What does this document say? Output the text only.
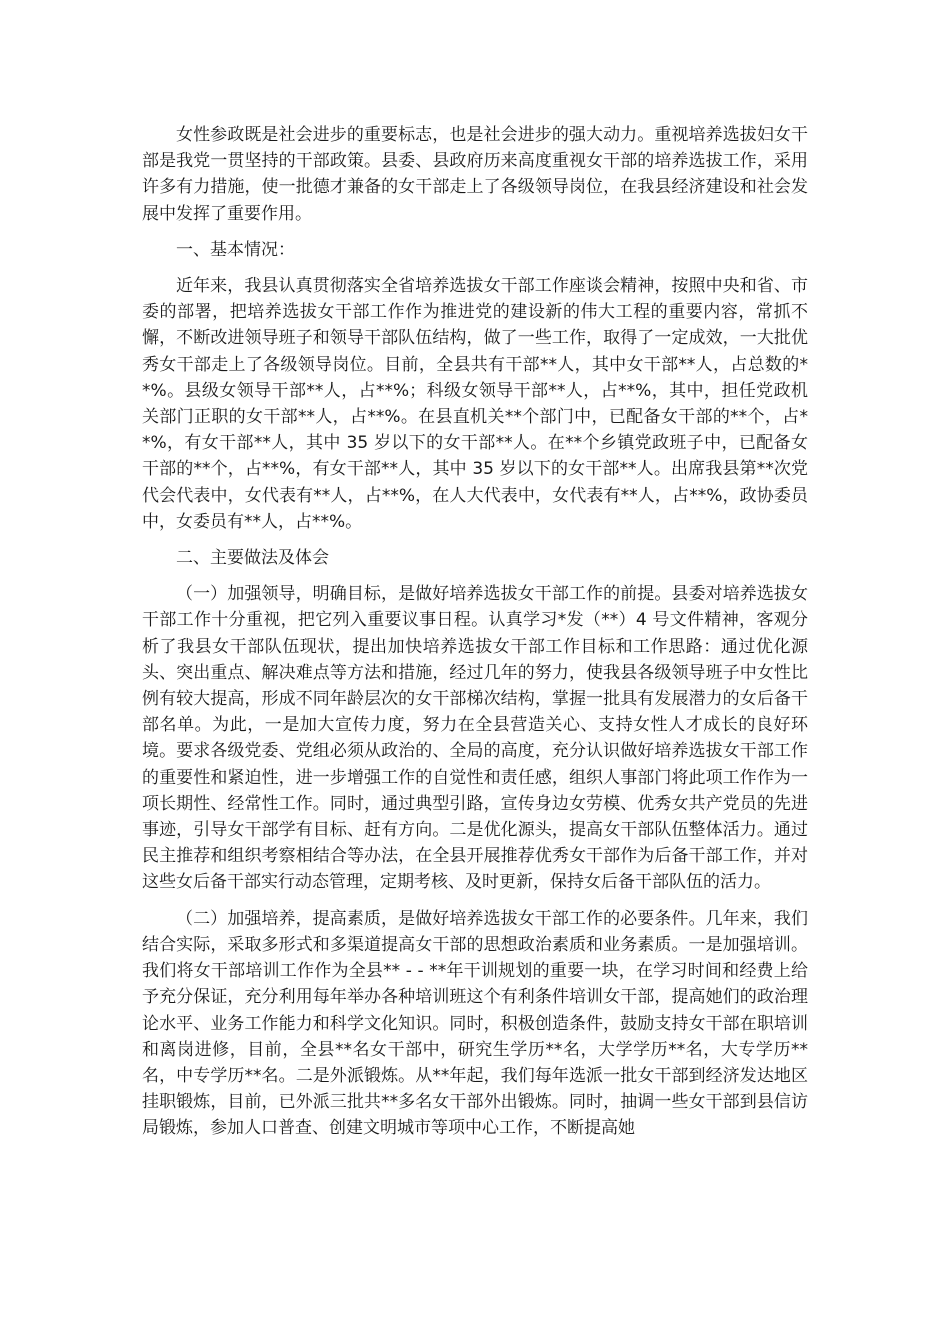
女性参政既是社会进步的重要标志，也是社会进步的强大动力。重视培养选拔妇女干部是我党一贯坚持的干部政策。县委、县政府历来高度重视女干部的培养选拔工作，采用许多有力措施，使一批德才兼备的女干部走上了各级领导岗位，在我县经济建设和社会发展中发挥了重要作用。

一、基本情况：

近年来，我县认真贯彻落实全省培养选拔女干部工作座谈会精神，按照中央和省、市委的部署，把培养选拔女干部工作作为推进党的建设新的伟大工程的重要内容，常抓不懈，不断改进领导班子和领导干部队伍结构，做了一些工作，取得了一定成效，一大批优秀女干部走上了各级领导岗位。目前，全县共有干部**人，其中女干部**人，占总数的**%。县级女领导干部**人，占**%；科级女领导干部**人，占**%，其中，担任党政机关部门正职的女干部**人，占**%。在县直机关**个部门中，已配备女干部的**个，占**%，有女干部**人，其中 35 岁以下的女干部**人。在**个乡镇党政班子中，已配备女干部的**个，占**%，有女干部**人，其中 35 岁以下的女干部**人。出席我县第**次党代会代表中，女代表有**人，占**%，在人大代表中，女代表有**人，占**%，政协委员中，女委员有**人，占**%。

二、主要做法及体会

（一）加强领导，明确目标，是做好培养选拔女干部工作的前提。县委对培养选拔女干部工作十分重视，把它列入重要议事日程。认真学习*发（**）4 号文件精神，客观分析了我县女干部队伍现状，提出加快培养选拔女干部工作目标和工作思路：通过优化源头、突出重点、解决难点等方法和措施，经过几年的努力，使我县各级领导班子中女性比例有较大提高，形成不同年龄层次的女干部梯次结构，掌握一批具有发展潜力的女后备干部名单。为此，一是加大宣传力度，努力在全县营造关心、支持女性人才成长的良好环境。要求各级党委、党组必须从政治的、全局的高度，充分认识做好培养选拔女干部工作的重要性和紧迫性，进一步增强工作的自觉性和责任感，组织人事部门将此项工作作为一项长期性、经常性工作。同时，通过典型引路，宣传身边女劳模、优秀女共产党员的先进事迹，引导女干部学有目标、赶有方向。二是优化源头，提高女干部队伍整体活力。通过民主推荐和组织考察相结合等办法，在全县开展推荐优秀女干部作为后备干部工作，并对这些女后备干部实行动态管理，定期考核、及时更新，保持女后备干部队伍的活力。

（二）加强培养，提高素质，是做好培养选拔女干部工作的必要条件。几年来，我们结合实际，采取多形式和多渠道提高女干部的思想政治素质和业务素质。一是加强培训。我们将女干部培训工作作为全县** - - **年干训规划的重要一块，在学习时间和经费上给予充分保证，充分利用每年举办各种培训班这个有利条件培训女干部，提高她们的政治理论水平、业务工作能力和科学文化知识。同时，积极创造条件，鼓励支持女干部在职培训和离岗进修，目前，全县**名女干部中，研究生学历**名，大学学历**名，大专学历**名，中专学历**名。二是外派锻炼。从**年起，我们每年选派一批女干部到经济发达地区挂职锻炼，目前，已外派三批共**多名女干部外出锻炼。同时，抽调一些女干部到县信访局锻炼，参加人口普查、创建文明城市等项中心工作，不断提高她
